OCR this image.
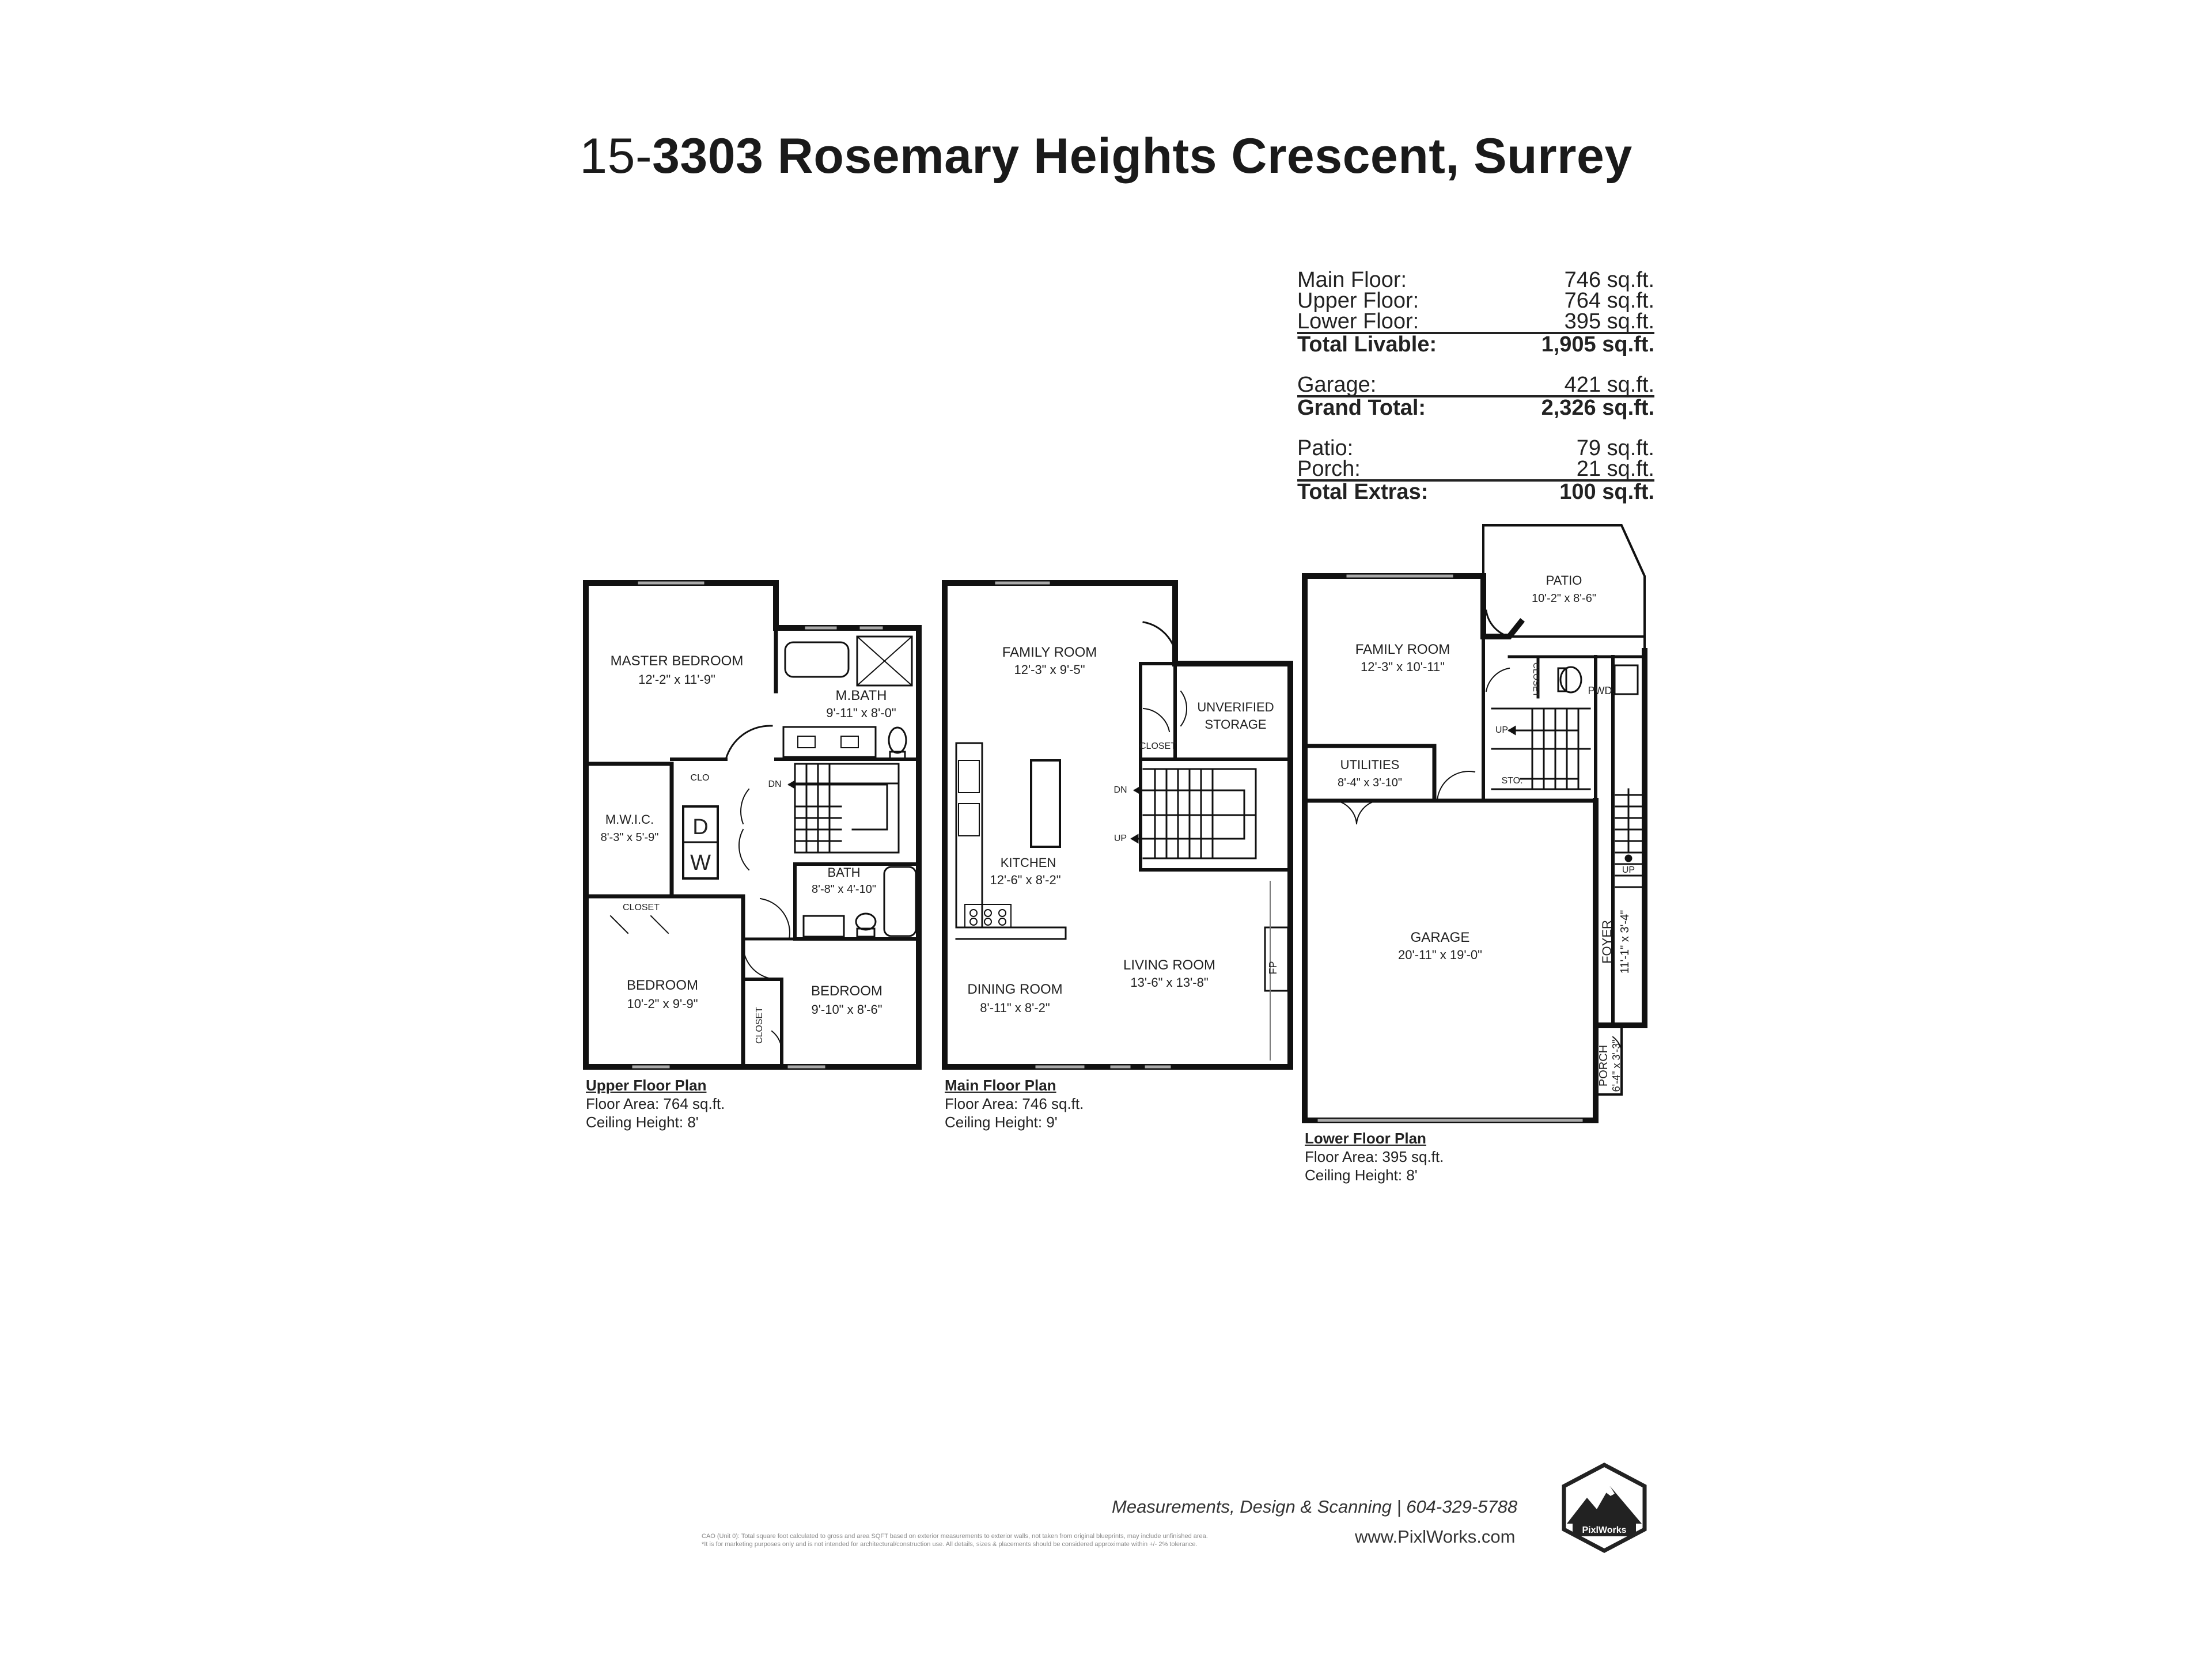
15-3303 Rosemary Heights Crescent, Surrey
Main Floor:	746 sq.ft.
Upper Floor:	764 sq.ft.
Lower Floor:	395 sq.ft.
Total Livable:	1,905 sq.ft.
Garage:	421 sq.ft.
Grand Total:	2,326 sq.ft.
Patio:	79 sq.ft.
Porch:	21 sq.ft.
Total Extras:	100 sq.ft.
MASTER BEDROOM
12'-2" x 11'-9"
M.BATH
9'-11" x 8'-0"
CLO
DN
M.W.I.C.
8'-3" x 5'-9" D
W	BATH
8'-8" x 4'-10"
CLOSET
BEDROOM
10'-2" x 9'-9"
BEDROOM
9'-10" x 8'-6"
CLOSET
FAMILY ROOM
12'-3" x 9'-5"
UNVERIFIED
STORAGE
CLOSET
DN
UP
KITCHEN
12'-6" x 8'-2"
DINING ROOM
8'-11" x 8'-2"
LIVING ROOM
13'-6" x 13'-8"
FP
PATIO
10'-2" x 8'-6"
FAMILY ROOM
12'-3" x 10'-11"	CLOSET	PWD.
UP
STO.
UTILITIES
8'-4" x 3'-10"
GARAGE
20'-11" x 19'-0"
UP
FOYER 11'-1" x 3'-4"
PORCH 6'-4" x 3'-3"
Upper Floor Plan
Floor Area: 764 sq.ft.
Ceiling Height: 8'
Main Floor Plan
Floor Area: 746 sq.ft.
Ceiling Height: 9'
Lower Floor Plan
Floor Area: 395 sq.ft.
Ceiling Height: 8'
Measurements, Design & Scanning | 604-329-5788
CAO (Unit 0): Total square foot calculated to gross and area SQFT based on exterior measurements to exterior walls, not taken from original blueprints, may include unfinished area.
*It is for marketing purposes only and is not intended for architectural/construction use. All details, sizes & placements should be considered approximate within +/- 2% tolerance.	www.PixlWorks.com	PixlWorks
